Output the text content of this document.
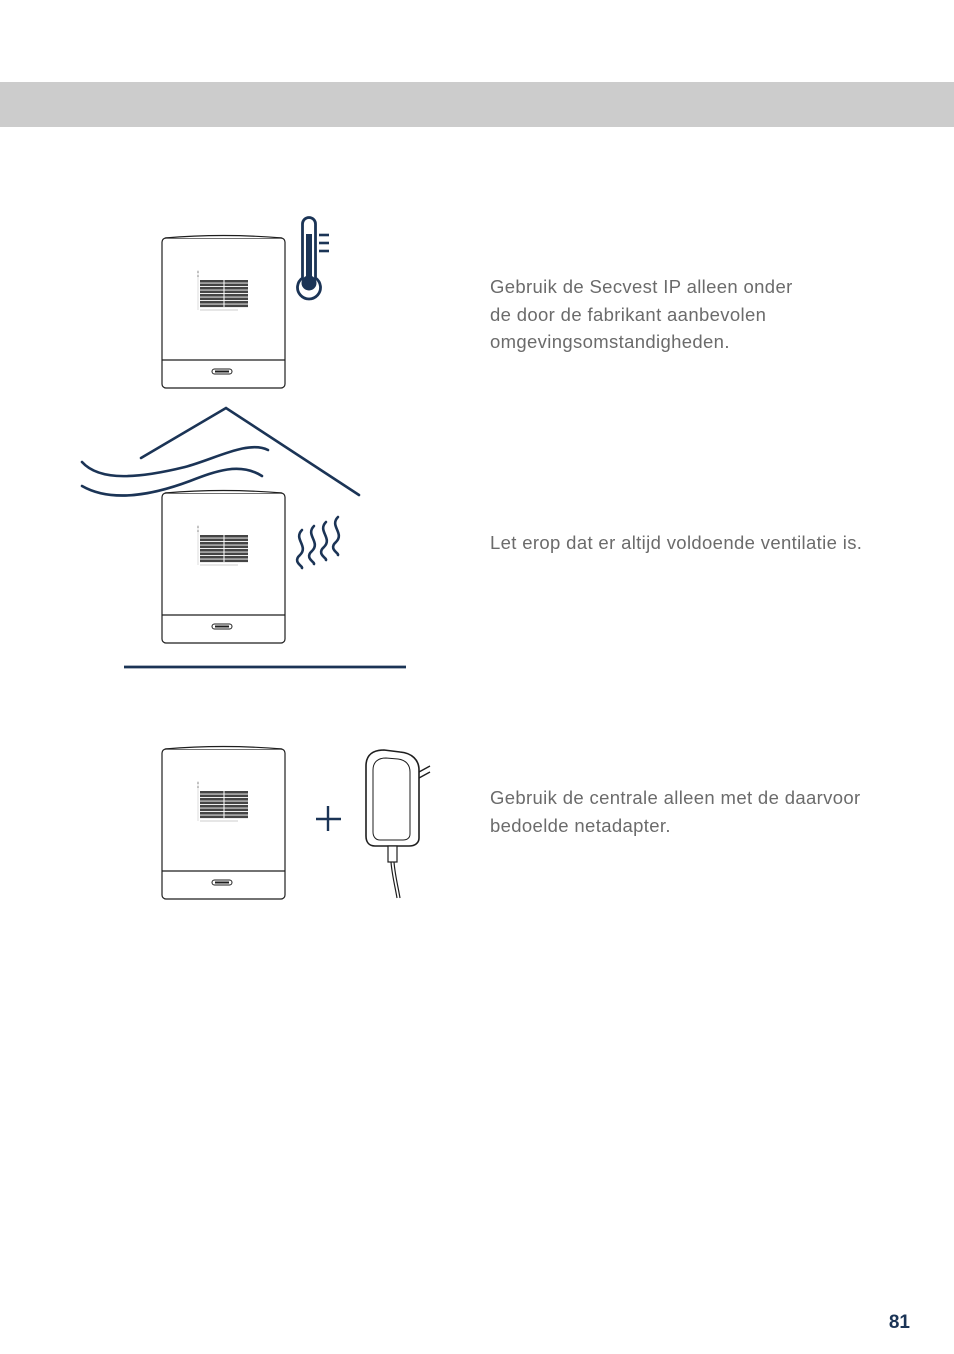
Gebruik de Secvest IP alleen onder
de door de fabrikant aanbevolen
omgevingsomstandigheden.

Let erop dat er altijd voldoende ventilatie is.

Gebruik de centrale alleen met de daarvoor
bedoelde netadapter.

81
